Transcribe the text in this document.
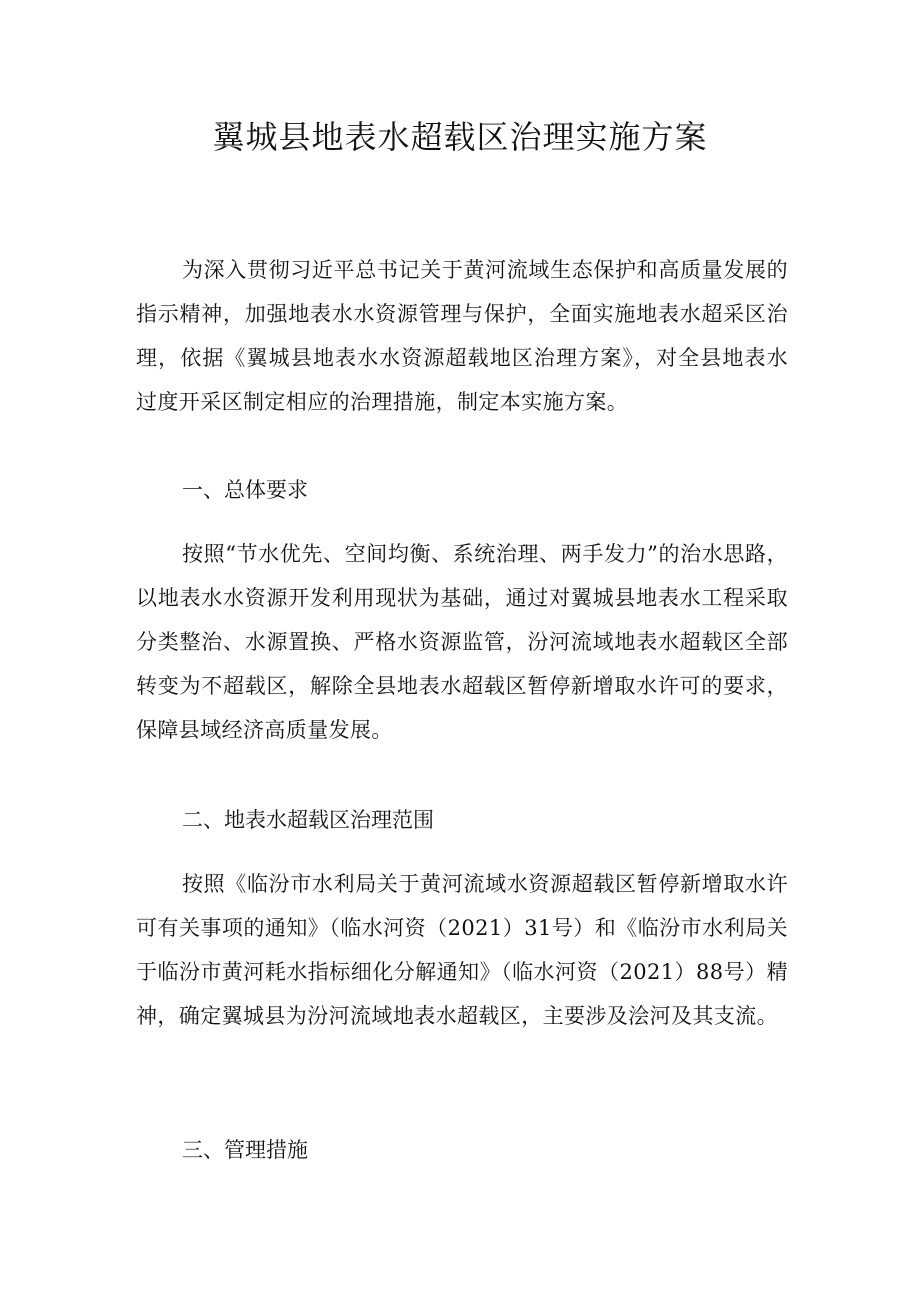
翼城县地表水超载区治理实施方案

为深入贯彻习近平总书记关于黄河流域生态保护和高质量发展的指示精神，加强地表水水资源管理与保护，全面实施地表水超采区治理，依据《翼城县地表水水资源超载地区治理方案》，对全县地表水过度开采区制定相应的治理措施，制定本实施方案。

一、总体要求

按照“节水优先、空间均衡、系统治理、两手发力”的治水思路，以地表水水资源开发利用现状为基础，通过对翼城县地表水工程采取分类整治、水源置换、严格水资源监管，汾河流域地表水超载区全部转变为不超载区，解除全县地表水超载区暂停新增取水许可的要求，保障县域经济高质量发展。

二、地表水超载区治理范围

按照《临汾市水利局关于黄河流域水资源超载区暂停新增取水许可有关事项的通知》（临水河资（2021）31号）和《临汾市水利局关于临汾市黄河耗水指标细化分解通知》（临水河资（2021）88号）精神，确定翼城县为汾河流域地表水超载区，主要涉及浍河及其支流。

三、管理措施
